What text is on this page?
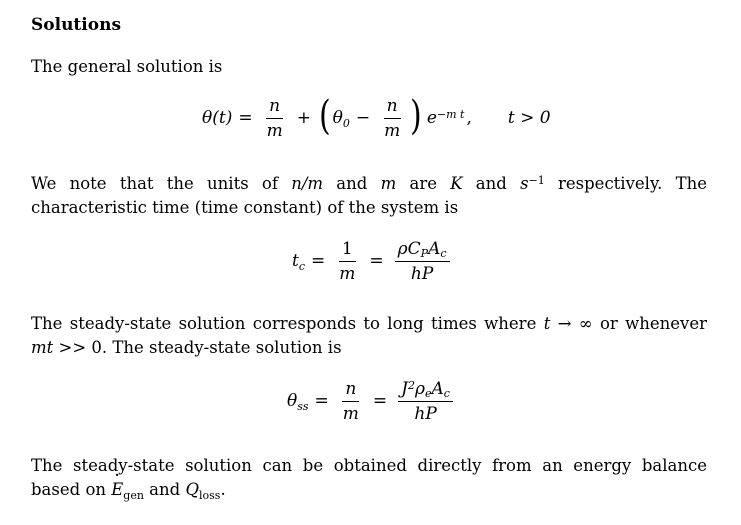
Solutions
The general solution is
$\theta(t) = \frac{n}{m}$ + ( $\theta_0 - \frac{n}{m}$ ) $e^{-m t}$ , t > 0
We note that the units of n/m and m are K and $s^{-1}$ respectively. The characteristic time (time constant) of the system is
$t_c = \frac{1}{m} = \frac{\rho C_PA_c}{hP}$
The steady-state solution corresponds to long times where t → ∞ or whenever mt >> 0. The steady-state solution is
$\theta_{ss} = \frac{n}{m} = \frac{J^2\rho_eA_c}{hP}$
The steady-state solution can be obtained directly from an energy balance based on $E \cdot_{gen}$ and $Q_{loss}$.
